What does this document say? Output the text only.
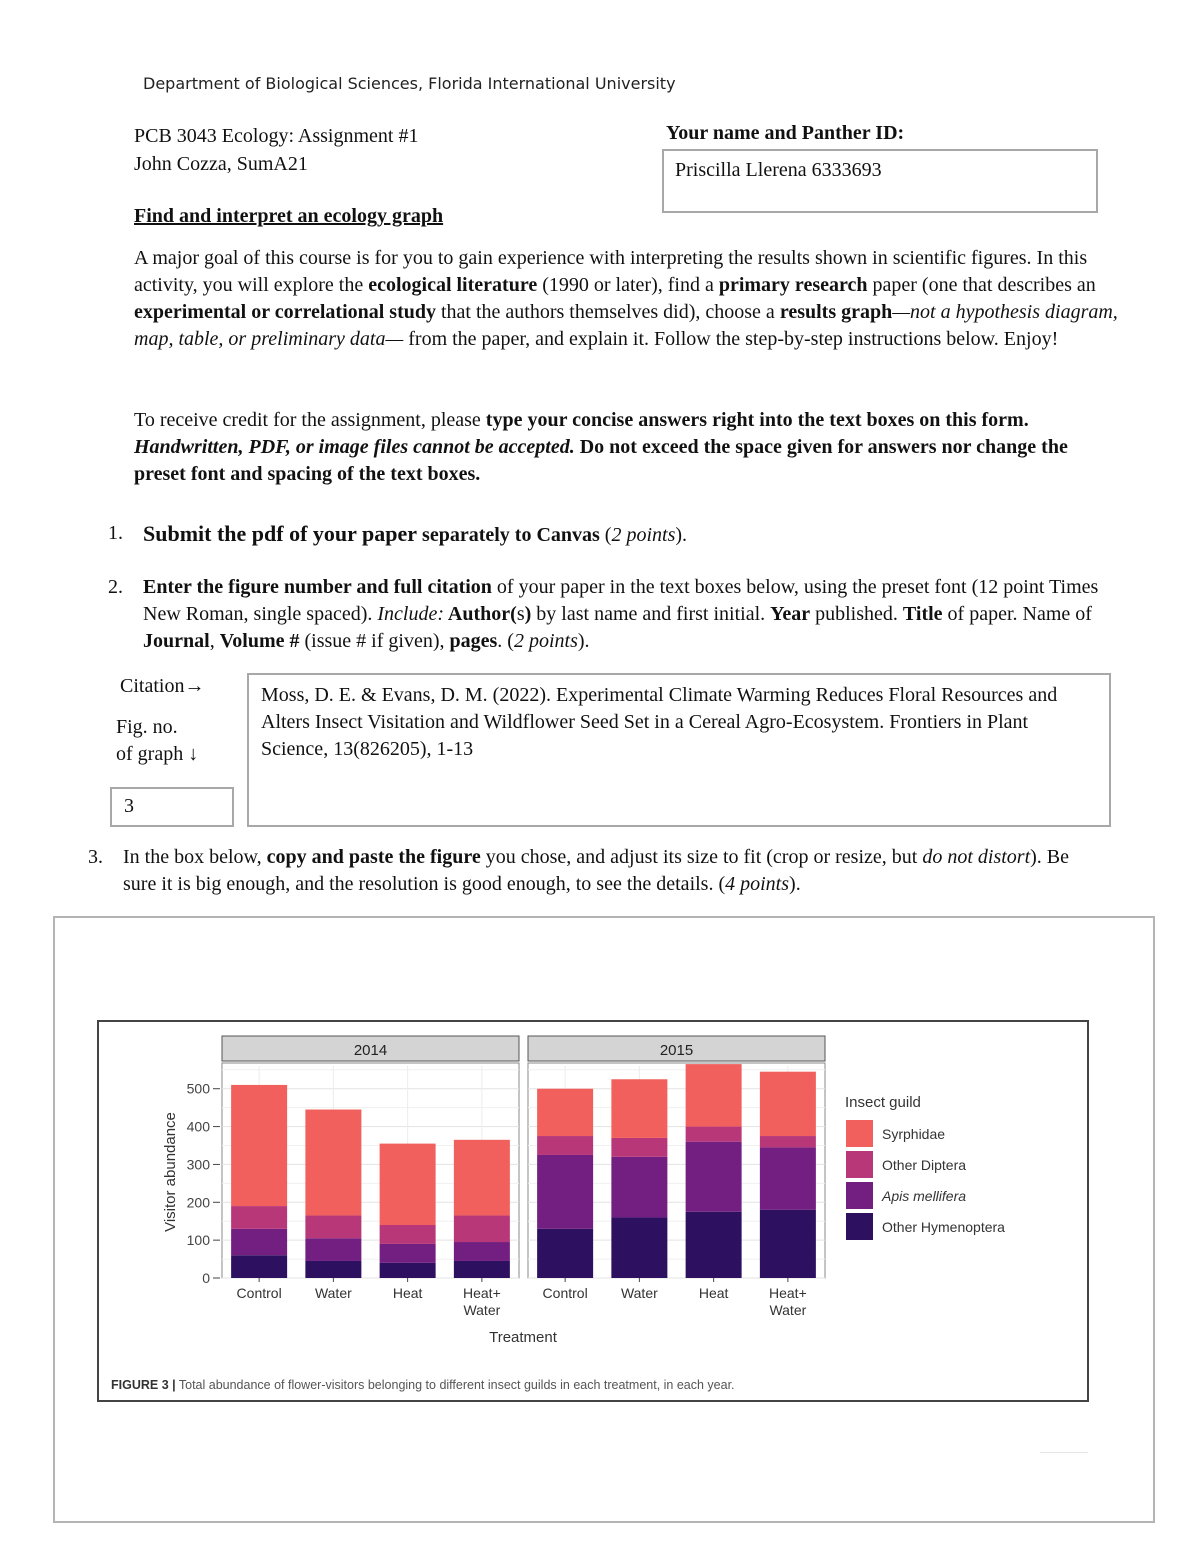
Department of Biological Sciences, Florida International University
PCB 3043 Ecology: Assignment #1
John Cozza, SumA21
Your name and Panther ID:
Priscilla Llerena 6333693
Find and interpret an ecology graph
A major goal of this course is for you to gain experience with interpreting the results shown in scientific figures. In this activity, you will explore the ecological literature (1990 or later), find a primary research paper (one that describes an experimental or correlational study that the authors themselves did), choose a results graph—not a hypothesis diagram, map, table, or preliminary data— from the paper, and explain it. Follow the step-by-step instructions below. Enjoy!
To receive credit for the assignment, please type your concise answers right into the text boxes on this form. Handwritten, PDF, or image files cannot be accepted. Do not exceed the space given for answers nor change the preset font and spacing of the text boxes.
1. Submit the pdf of your paper separately to Canvas (2 points).
2. Enter the figure number and full citation of your paper in the text boxes below, using the preset font (12 point Times New Roman, single spaced). Include: Author(s) by last name and first initial. Year published. Title of paper. Name of Journal, Volume # (issue # if given), pages. (2 points).
Citation→
Fig. no.
of graph ↓
Moss, D. E. & Evans, D. M. (2022). Experimental Climate Warming Reduces Floral Resources and Alters Insect Visitation and Wildflower Seed Set in a Cereal Agro-Ecosystem. Frontiers in Plant Science, 13(826205), 1-13
3
3. In the box below, copy and paste the figure you chose, and adjust its size to fit (crop or resize, but do not distort). Be sure it is big enough, and the resolution is good enough, to see the details. (4 points).
Visitor abundance
0
100
200
300
400
500
2014
Control Water	Heat	Heat+ Water
2015
Control Water	Heat	Heat+ Water
Treatment
Insect guild
Syrphidae
Other Diptera
Apis mellifera
Other Hymenoptera
FIGURE 3 | Total abundance of flower-visitors belonging to different insect guilds in each treatment, in each year.
